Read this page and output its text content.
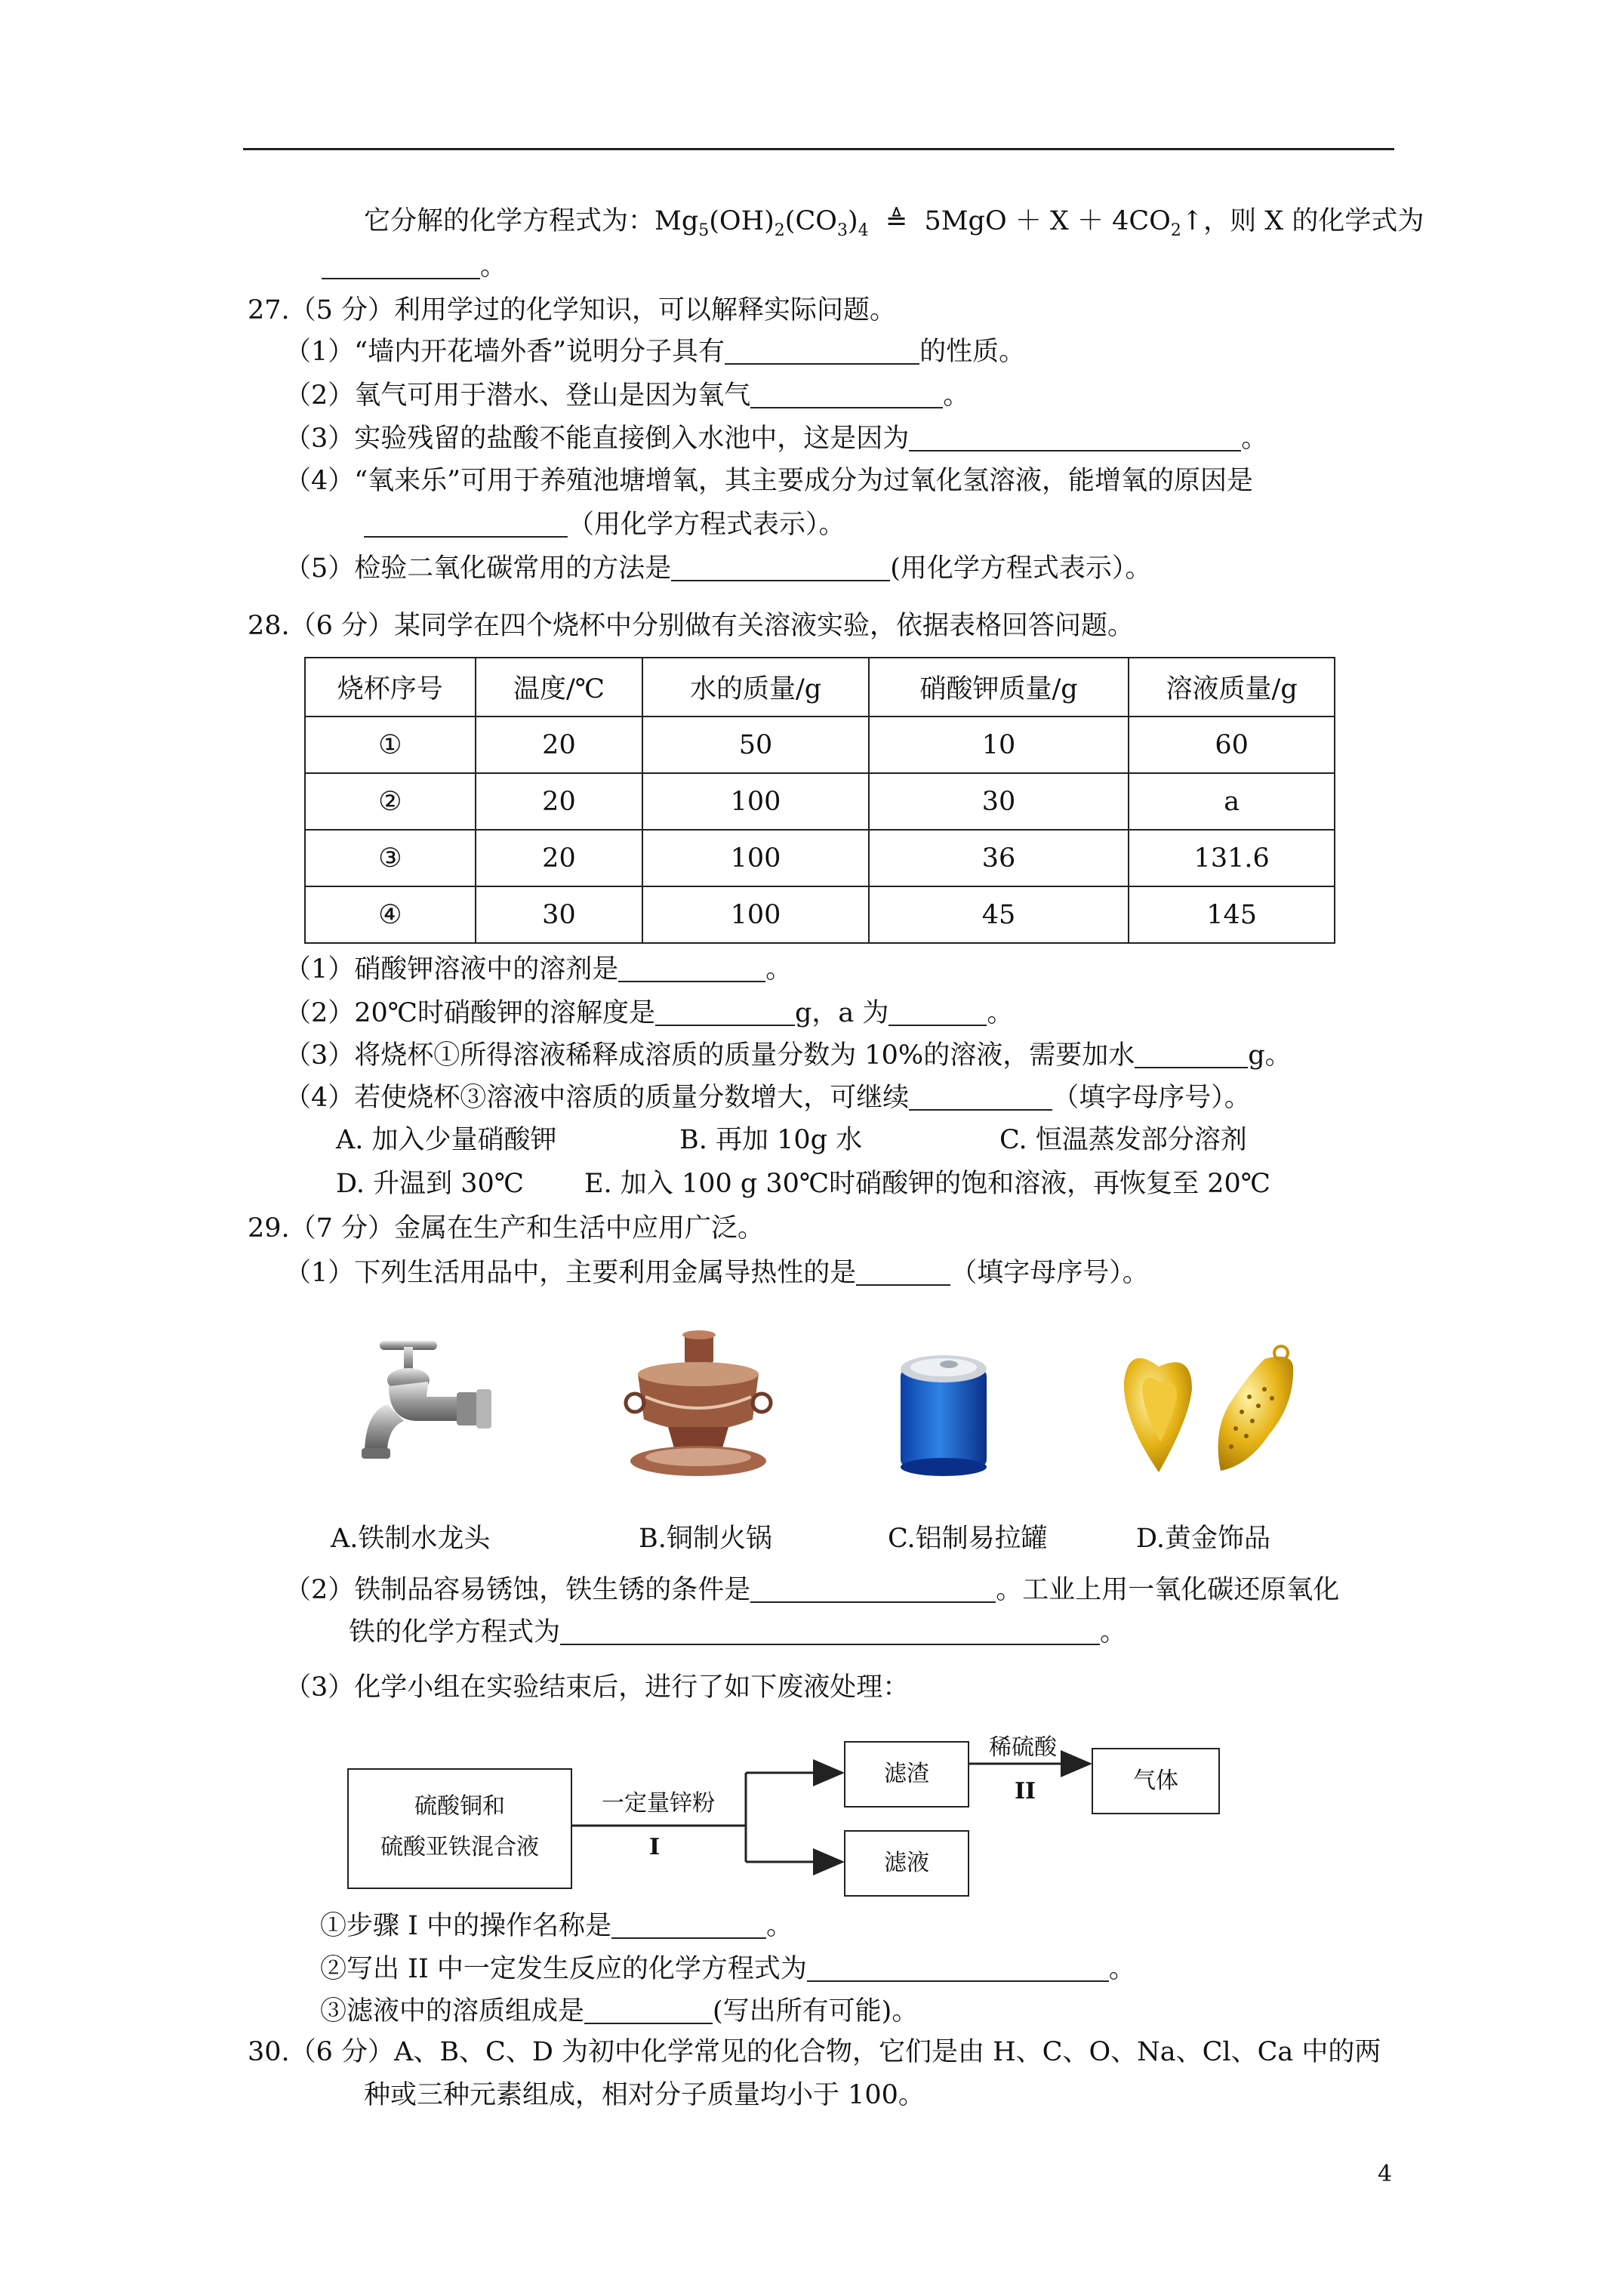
它分解的化学方程式为：$Mg_5(OH)_2(CO_3)_4$ ≜ $5MgO + X + 4CO_2↑$，则 X 的化学式为
。
27.（5 分）利用学过的化学知识，可以解释实际问题。
（1）“墙内开花墙外香”说明分子具有	的性质。
（2）氧气可用于潜水、登山是因为氧气	。
（3）实验残留的盐酸不能直接倒入水池中，这是因为	。
（4）“氧来乐”可用于养殖池塘增氧，其主要成分为过氧化氢溶液，能增氧的原因是
（用化学方程式表示）。
（5）检验二氧化碳常用的方法是	(用化学方程式表示）。
28.（6 分）某同学在四个烧杯中分别做有关溶液实验，依据表格回答问题。
烧杯序号	温度/℃	水的质量/g	硝酸钾质量/g	溶液质量/g
①	20	50	10	60
②	20	100	30	a
③	20	100	36	131.6
④	30	100	45	145
（1）硝酸钾溶液中的溶剂是	。
（2）20℃时硝酸钾的溶解度是	g，a 为	。
（3）将烧杯①所得溶液稀释成溶质的质量分数为 10%的溶液，需要加水	g。
（4）若使烧杯③溶液中溶质的质量分数增大，可继续	（填字母序号）。
A. 加入少量硝酸钾	B. 再加 10g 水	C. 恒温蒸发部分溶剂
D. 升温到 30℃ E. 加入 100 g 30℃时硝酸钾的饱和溶液，再恢复至 20℃
29.（7 分）金属在生产和生活中应用广泛。
（1）下列生活用品中，主要利用金属导热性的是	（填字母序号）。
A.铁制水龙头	B.铜制火锅	C.铝制易拉罐	D.黄金饰品
（2）铁制品容易锈蚀，铁生锈的条件是	。工业上用一氧化碳还原氧化
铁的化学方程式为	。
（3）化学小组在实验结束后，进行了如下废液处理：
硫酸铜和
硫酸亚铁混合液
滤渣
滤液
气体
一定量锌粉
I
稀硫酸
II
①步骤 I 中的操作名称是	。
②写出 II 中一定发生反应的化学方程式为	。
③滤液中的溶质组成是	(写出所有可能)。
30.（6 分）A、B、C、D 为初中化学常见的化合物，它们是由 H、C、O、Na、Cl、Ca 中的两
种或三种元素组成，相对分子质量均小于 100。
4
